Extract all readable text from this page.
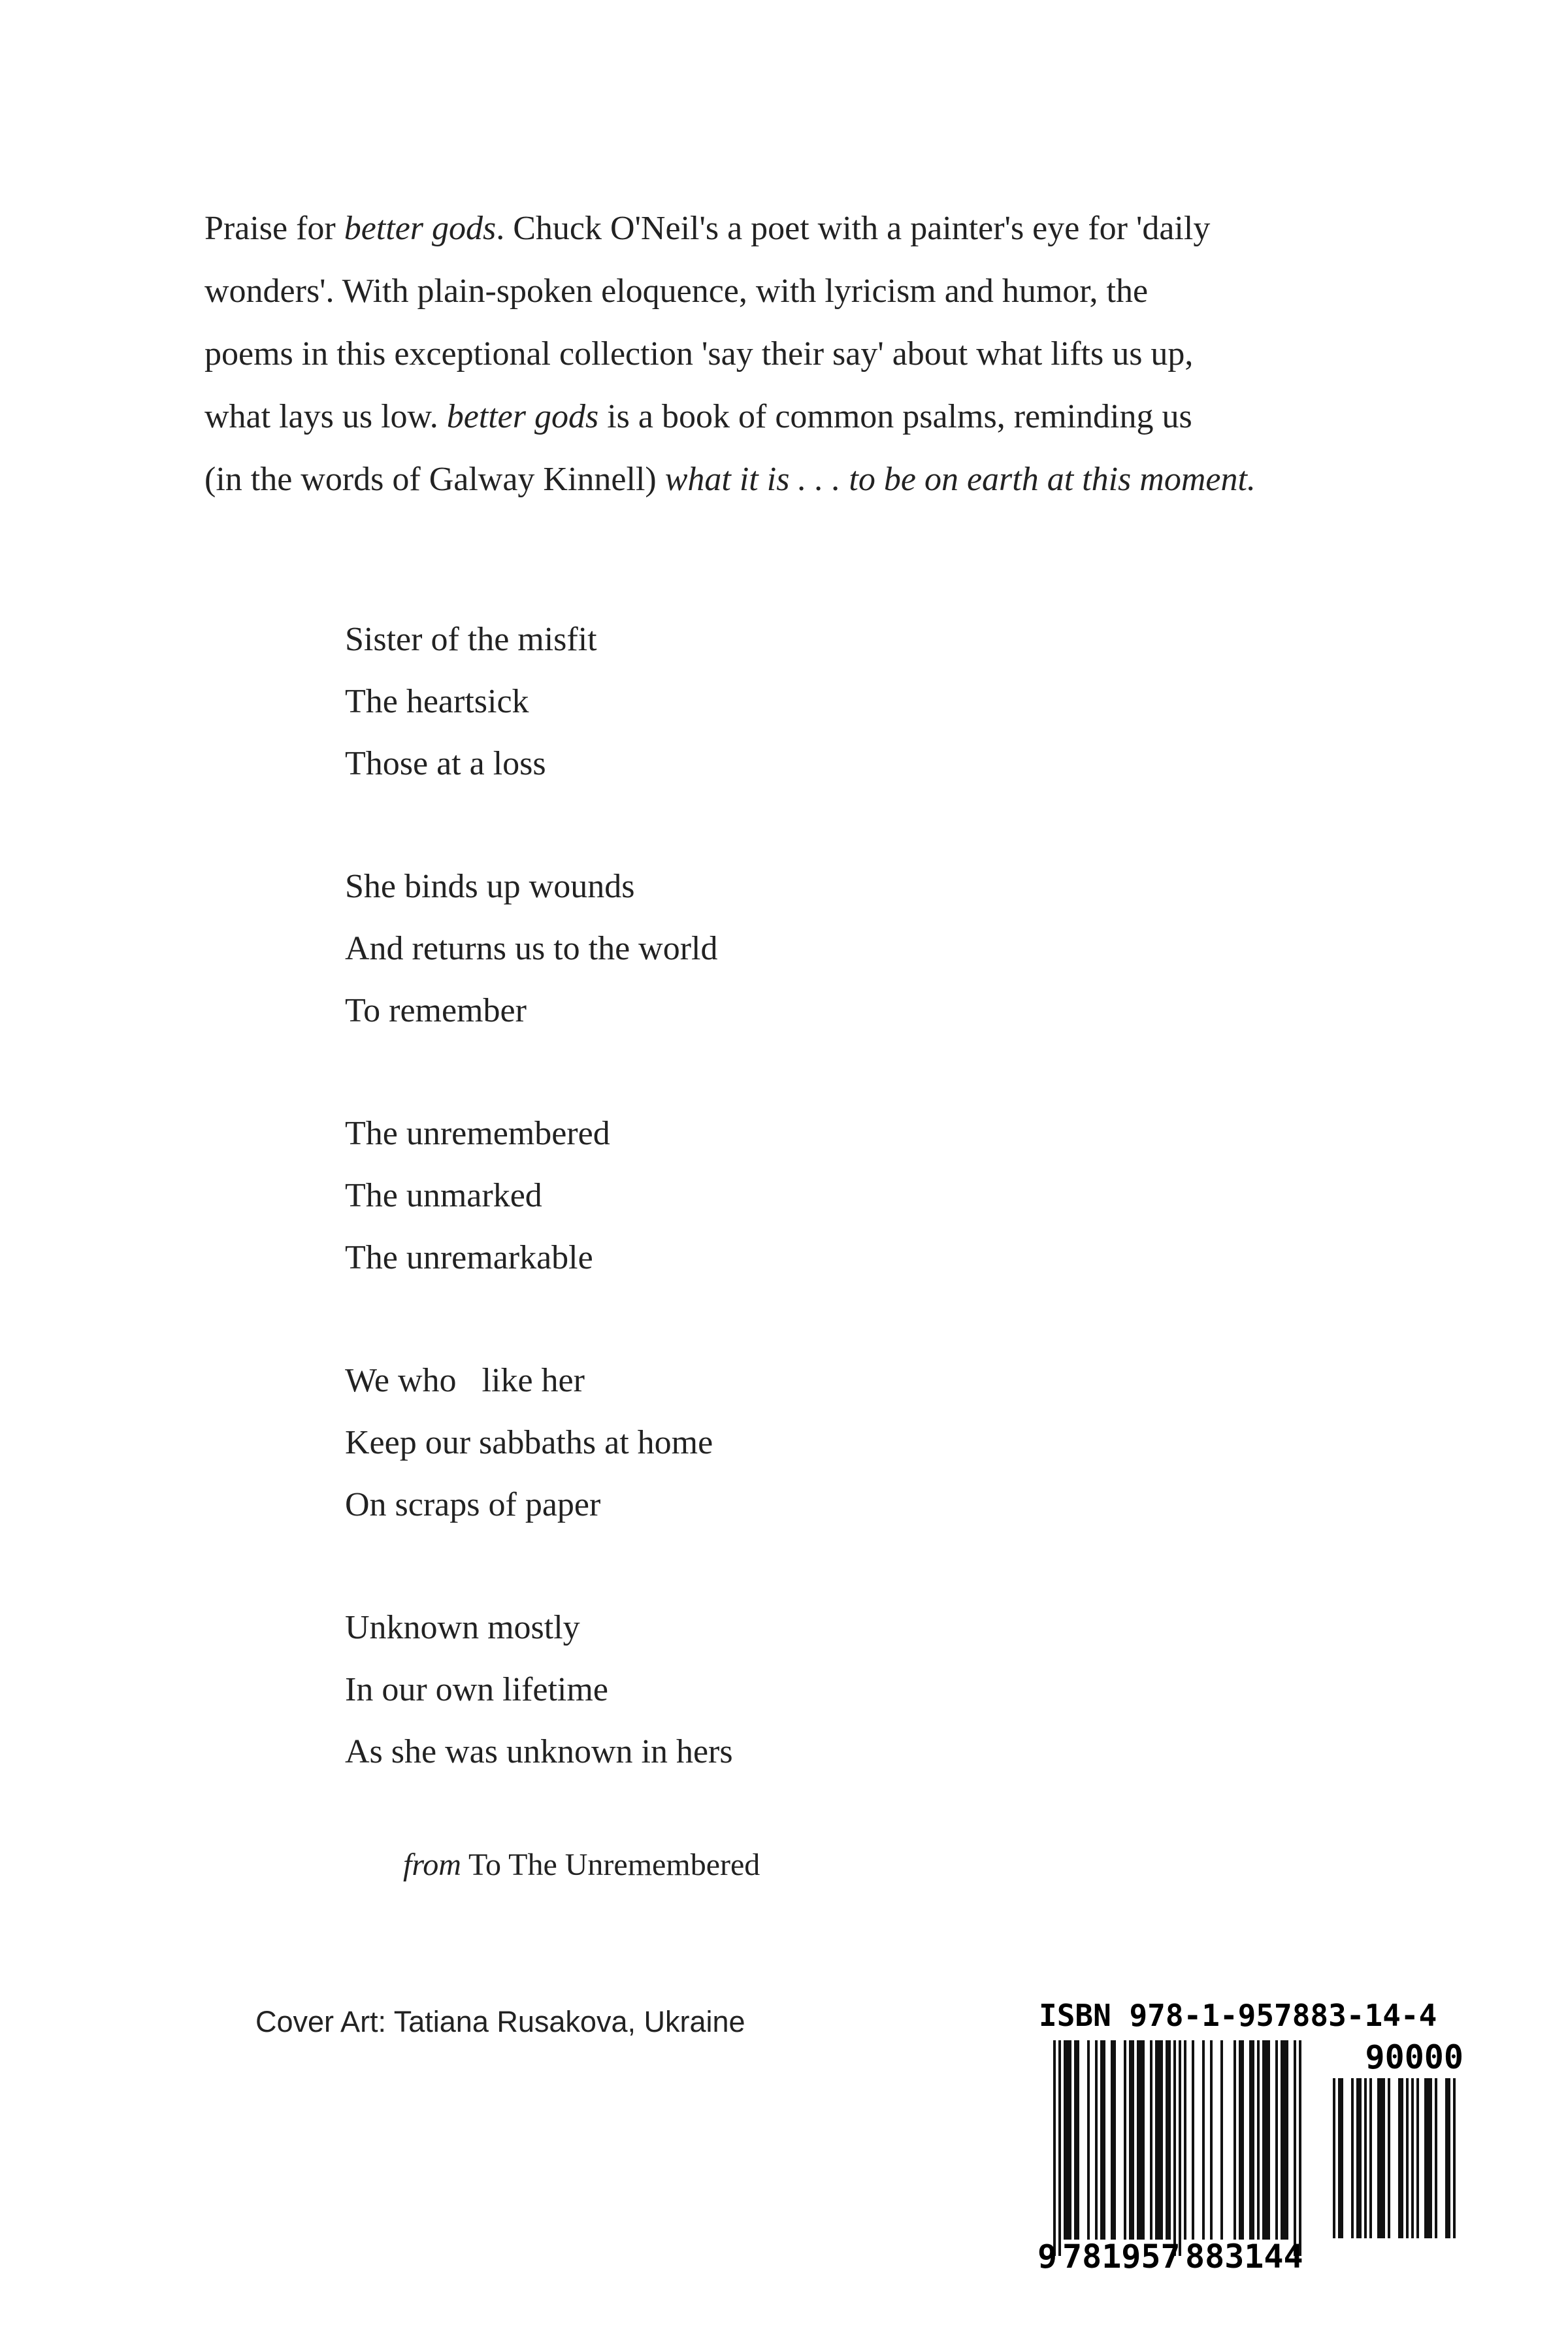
Praise for better gods. Chuck O'Neil's a poet with a painter's eye for 'daily
wonders'. With plain-spoken eloquence, with lyricism and humor, the
poems in this exceptional collection 'say their say' about what lifts us up,
what lays us low. better gods is a book of common psalms, reminding us
(in the words of Galway Kinnell) what it is . . . to be on earth at this moment.
Sister of the misfit
The heartsick
Those at a loss
She binds up wounds
And returns us to the world
To remember
The unremembered
The unmarked
The unremarkable
We who   like her
Keep our sabbaths at home
On scraps of paper
Unknown mostly
In our own lifetime
As she was unknown in hers
from To The Unremembered
Cover Art: Tatiana Rusakova, Ukraine	ISBN 978-1-957883-14-4
9 781957 883144
90000
